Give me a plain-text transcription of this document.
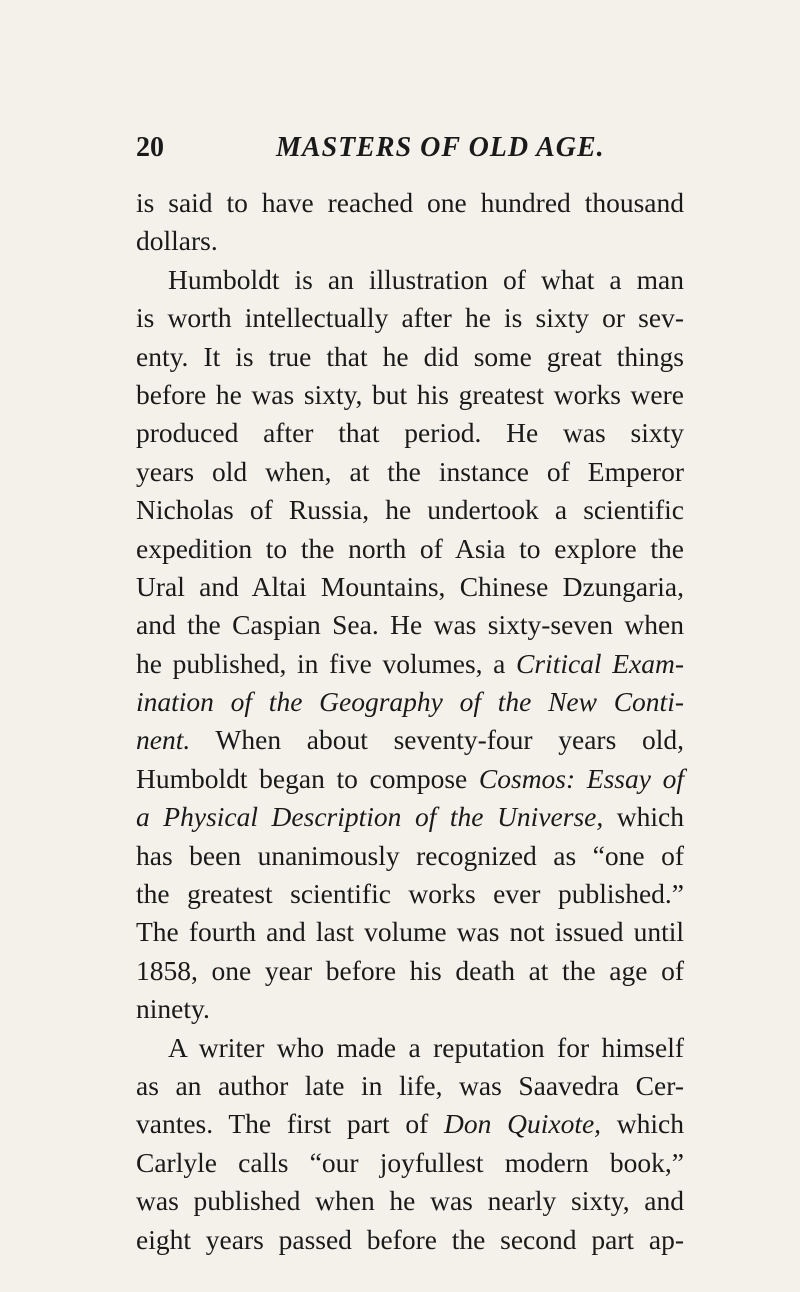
20	MASTERS OF OLD AGE.
is said to have reached one hundred thousand
dollars.
Humboldt is an illustration of what a man
is worth intellectually after he is sixty or sev-
enty. It is true that he did some great things
before he was sixty, but his greatest works were
produced after that period. He was sixty
years old when, at the instance of Emperor
Nicholas of Russia, he undertook a scientific
expedition to the north of Asia to explore the
Ural and Altai Mountains, Chinese Dzungaria,
and the Caspian Sea. He was sixty-seven when
he published, in five volumes, a Critical Exam-
ination of the Geography of the New Conti-
nent. When about seventy-four years old,
Humboldt began to compose Cosmos: Essay of
a Physical Description of the Universe, which
has been unanimously recognized as “one of
the greatest scientific works ever published.”
The fourth and last volume was not issued until
1858, one year before his death at the age of
ninety.
A writer who made a reputation for himself
as an author late in life, was Saavedra Cer-
vantes. The first part of Don Quixote, which
Carlyle calls “our joyfullest modern book,”
was published when he was nearly sixty, and
eight years passed before the second part ap-
